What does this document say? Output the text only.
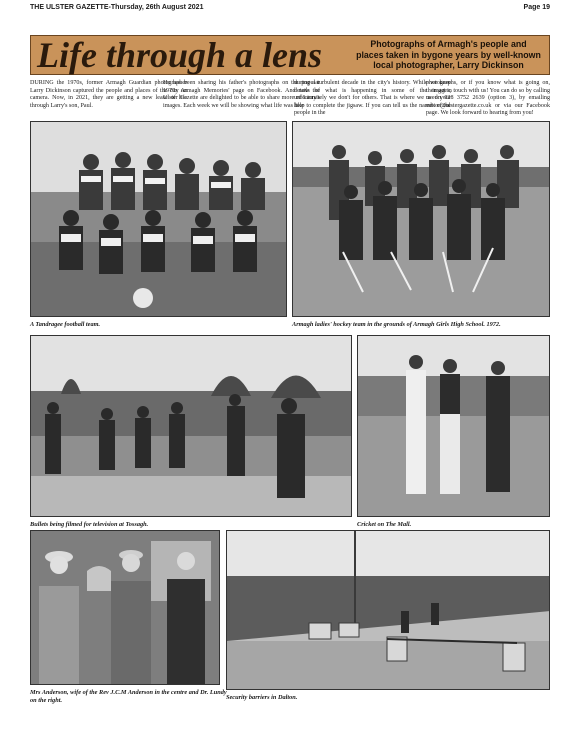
THE ULSTER GAZETTE-Thursday, 26th August 2021	Page 19
Life through a lens	Photographs of Armagh's people and places taken in bygone years by well-known local photographer, Larry Dickinson

DURING the 1970s, former Armagh Guardian photographer Larry Dickinson captured the people and places of the city on camera. Now, in 2021, they are getting a new lease of life through Larry's son, Paul.

He has been sharing his father's photographs on the popular 1970s Armagh Memories' page on Facebook. And now the Ulster Gazette are delighted to be able to share more of Larry's images. Each week we will be showing what life was like

during a turbulent decade in the city's history. While we have details of what is happening in some of the images, unfortunately we don't for others. That is where we need your help to complete the jigsaw. If you can tell us the names of the people in the

photographs, or if you know what is going on, then get in touch with us! You can do so by calling us on 028 3752 2639 (option 3), by emailing editor@ulstergazette.co.uk or via our Facebook page. We look forward to hearing from you!

A Tandragee football team.	Armagh ladies' hockey team in the grounds of Armagh Girls High School. 1972.
Bullets being filmed for television at Tossagh.	Cricket on The Mall.
Mrs Anderson, wife of the Rev J.C.M Anderson in the centre and Dr. Lundy on the right.	Security barriers in Dalton.
